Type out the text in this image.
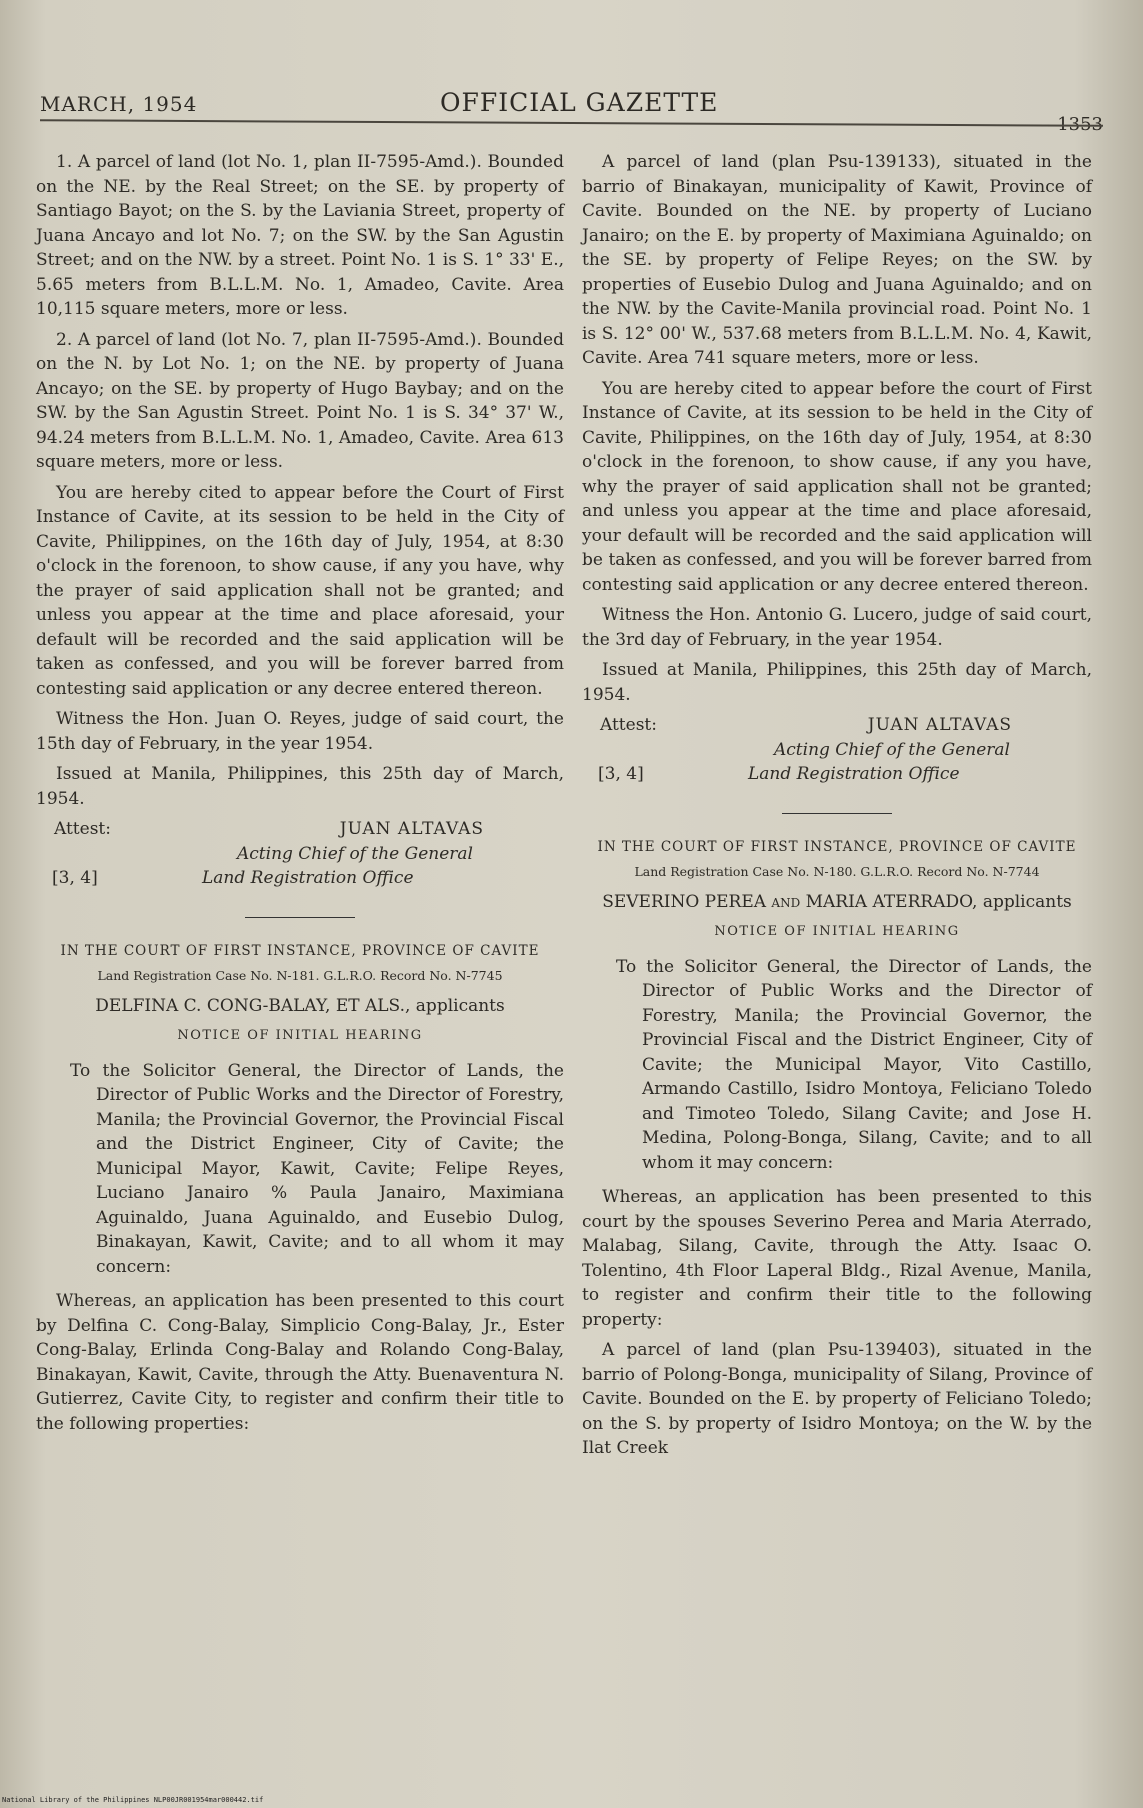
MARCH, 1954	OFFICIAL GAZETTE
1353

1. A parcel of land (lot No. 1, plan II-7595-Amd.). Bounded on the NE. by the Real Street; on the SE. by property of Santiago Bayot; on the S. by the Laviania Street, property of Juana Ancayo and lot No. 7; on the SW. by the San Agustin Street; and on the NW. by a street. Point No. 1 is S. 1° 33' E., 5.65 meters from B.L.L.M. No. 1, Amadeo, Cavite. Area 10,115 square meters, more or less.

2. A parcel of land (lot No. 7, plan II-7595-Amd.). Bounded on the N. by Lot No. 1; on the NE. by property of Juana Ancayo; on the SE. by property of Hugo Baybay; and on the SW. by the San Agustin Street. Point No. 1 is S. 34° 37' W., 94.24 meters from B.L.L.M. No. 1, Amadeo, Cavite. Area 613 square meters, more or less.

You are hereby cited to appear before the Court of First Instance of Cavite, at its session to be held in the City of Cavite, Philippines, on the 16th day of July, 1954, at 8:30 o'clock in the forenoon, to show cause, if any you have, why the prayer of said application shall not be granted; and unless you appear at the time and place aforesaid, your default will be recorded and the said application will be taken as confessed, and you will be forever barred from contesting said application or any decree entered thereon.

Witness the Hon. Juan O. Reyes, judge of said court, the 15th day of February, in the year 1954.

Issued at Manila, Philippines, this 25th day of March, 1954.

Attest:	JUAN ALTAVAS
Acting Chief of the General
[3, 4]	Land Registration Office
IN THE COURT OF FIRST INSTANCE, PROVINCE OF CAVITE
Land Registration Case No. N-181. G.L.R.O. Record No. N-7745
DELFINA C. CONG-BALAY, ET ALS., applicants
NOTICE OF INITIAL HEARING

To the Solicitor General, the Director of Lands, the Director of Public Works and the Director of Forestry, Manila; the Provincial Governor, the Provincial Fiscal and the District Engineer, City of Cavite; the Municipal Mayor, Kawit, Cavite; Felipe Reyes, Luciano Janairo % Paula Janairo, Maximiana Aguinaldo, Juana Aguinaldo, and Eusebio Dulog, Binakayan, Kawit, Cavite; and to all whom it may concern:

Whereas, an application has been presented to this court by Delfina C. Cong-Balay, Simplicio Cong-Balay, Jr., Ester Cong-Balay, Erlinda Cong-Balay and Rolando Cong-Balay, Binakayan, Kawit, Cavite, through the Atty. Buenaventura N. Gutierrez, Cavite City, to register and confirm their title to the following properties:

A parcel of land (plan Psu-139133), situated in the barrio of Binakayan, municipality of Kawit, Province of Cavite. Bounded on the NE. by property of Luciano Janairo; on the E. by property of Maximiana Aguinaldo; on the SE. by property of Felipe Reyes; on the SW. by properties of Eusebio Dulog and Juana Aguinaldo; and on the NW. by the Cavite-Manila provincial road. Point No. 1 is S. 12° 00' W., 537.68 meters from B.L.L.M. No. 4, Kawit, Cavite. Area 741 square meters, more or less.

You are hereby cited to appear before the court of First Instance of Cavite, at its session to be held in the City of Cavite, Philippines, on the 16th day of July, 1954, at 8:30 o'clock in the forenoon, to show cause, if any you have, why the prayer of said application shall not be granted; and unless you appear at the time and place aforesaid, your default will be recorded and the said application will be taken as confessed, and you will be forever barred from contesting said application or any decree entered thereon.

Witness the Hon. Antonio G. Lucero, judge of said court, the 3rd day of February, in the year 1954.

Issued at Manila, Philippines, this 25th day of March, 1954.

Attest:	JUAN ALTAVAS
Acting Chief of the General
[3, 4]	Land Registration Office
IN THE COURT OF FIRST INSTANCE, PROVINCE OF CAVITE
Land Registration Case No. N-180. G.L.R.O. Record No. N-7744
SEVERINO PEREA and MARIA ATERRADO, applicants
NOTICE OF INITIAL HEARING

To the Solicitor General, the Director of Lands, the Director of Public Works and the Director of Forestry, Manila; the Provincial Governor, the Provincial Fiscal and the District Engineer, City of Cavite; the Municipal Mayor, Vito Castillo, Armando Castillo, Isidro Montoya, Feliciano Toledo and Timoteo Toledo, Silang Cavite; and Jose H. Medina, Polong-Bonga, Silang, Cavite; and to all whom it may concern:

Whereas, an application has been presented to this court by the spouses Severino Perea and Maria Aterrado, Malabag, Silang, Cavite, through the Atty. Isaac O. Tolentino, 4th Floor Laperal Bldg., Rizal Avenue, Manila, to register and confirm their title to the following property:

A parcel of land (plan Psu-139403), situated in the barrio of Polong-Bonga, municipality of Silang, Province of Cavite. Bounded on the E. by property of Feliciano Toledo; on the S. by property of Isidro Montoya; on the W. by the Ilat Creek

National Library of the Philippines NLP00JR001954mar000442.tif
